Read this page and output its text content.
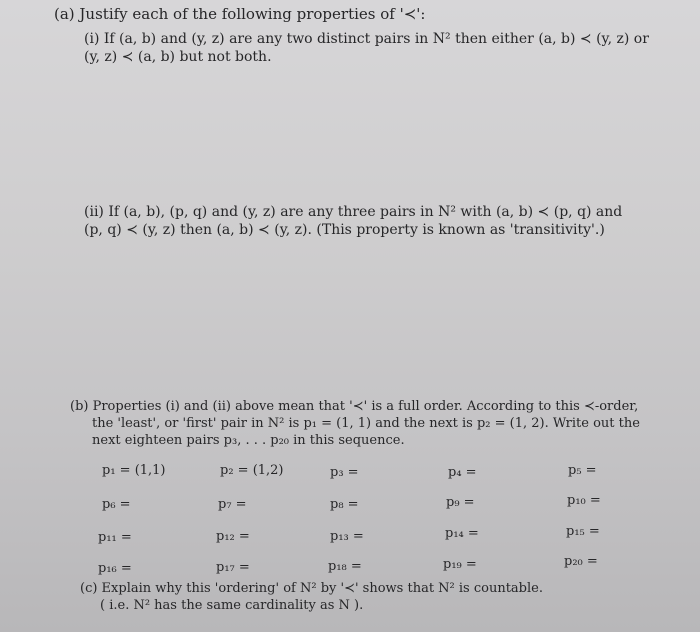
(a) Justify each of the following properties of '≺':
(i) If (a, b) and (y, z) are any two distinct pairs in N² then either (a, b) ≺ (y, z) or
(y, z) ≺ (a, b) but not both.
(ii) If (a, b), (p, q) and (y, z) are any three pairs in N² with (a, b) ≺ (p, q) and
(p, q) ≺ (y, z) then (a, b) ≺ (y, z). (This property is known as 'transitivity'.)
(b) Properties (i) and (ii) above mean that '≺' is a full order. According to this ≺-order,
the 'least', or 'first' pair in N² is p₁ = (1, 1) and the next is p₂ = (1, 2). Write out the
next eighteen pairs p₃, . . . p₂₀ in this sequence.
p₁ = (1,1)	p₂ = (1,2)	p₃ =	p₄ =	p₅ =
p₆ =	p₇ =	p₈ =	p₉ =	p₁₀ =
p₁₁ =	p₁₂ =	p₁₃ =	p₁₄ =	p₁₅ =
p₁₆ =	p₁₇ =	p₁₈ =	p₁₉ =	p₂₀ =
(c) Explain why this 'ordering' of N² by '≺' shows that N² is countable.
( i.e. N² has the same cardinality as N ).
